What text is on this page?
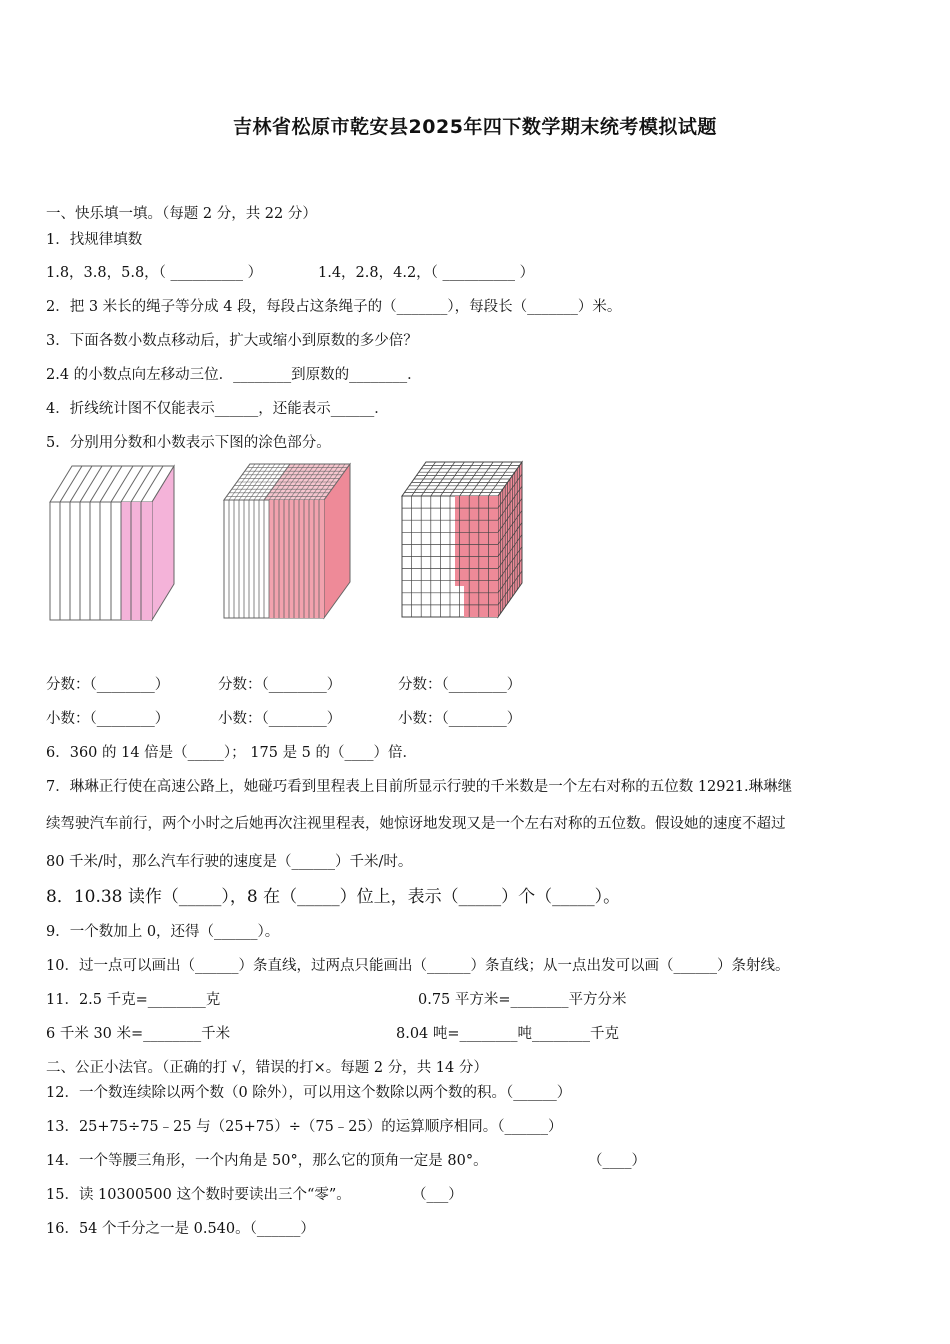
吉林省松原市乾安县2025年四下数学期末统考模拟试题
一、快乐填一填。（每题 2 分，共 22 分）
1．找规律填数
1.8，3.8，5.8，（ __________ ）	1.4，2.8，4.2，（ __________ ）
2．把 3 米长的绳子等分成 4 段，每段占这条绳子的（_______），每段长（_______）米。
3．下面各数小数点移动后，扩大或缩小到原数的多少倍？
2.4 的小数点向左移动三位．________到原数的________．
4．折线统计图不仅能表示______，还能表示______．
5．分别用分数和小数表示下图的涂色部分。
分数：（________）	分数：（________）	分数：（________）
小数：（________）	小数：（________）	小数：（________）
6．360 的 14 倍是（_____）； 175 是 5 的（____）倍．
7．琳琳正行使在高速公路上，她碰巧看到里程表上目前所显示行驶的千米数是一个左右对称的五位数 12921.琳琳继
续驾驶汽车前行，两个小时之后她再次注视里程表，她惊讶地发现又是一个左右对称的五位数。假设她的速度不超过
80 千米/时，那么汽车行驶的速度是（______）千米/时。
8．10.38 读作（_____），8 在（_____）位上，表示（_____）个（_____）。
9．一个数加上 0，还得（______）。
10．过一点可以画出（______）条直线，过两点只能画出（______）条直线；从一点出发可以画（______）条射线。
11．2.5 千克=________克	0.75 平方米=________平方分米
6 千米 30 米=________千米	8.04 吨=________吨________千克
二、公正小法官。（正确的打 √，错误的打×。每题 2 分，共 14 分）
12．一个数连续除以两个数（0 除外），可以用这个数除以两个数的积。（______）
13．25+75÷75﹣25 与（25+75）÷（75﹣25）的运算顺序相同。（______）
14．一个等腰三角形，一个内角是 50°，那么它的顶角一定是 80°。	（____）
15．读 10300500 这个数时要读出三个“零”。	（___）
16．54 个千分之一是 0.540。（______）
